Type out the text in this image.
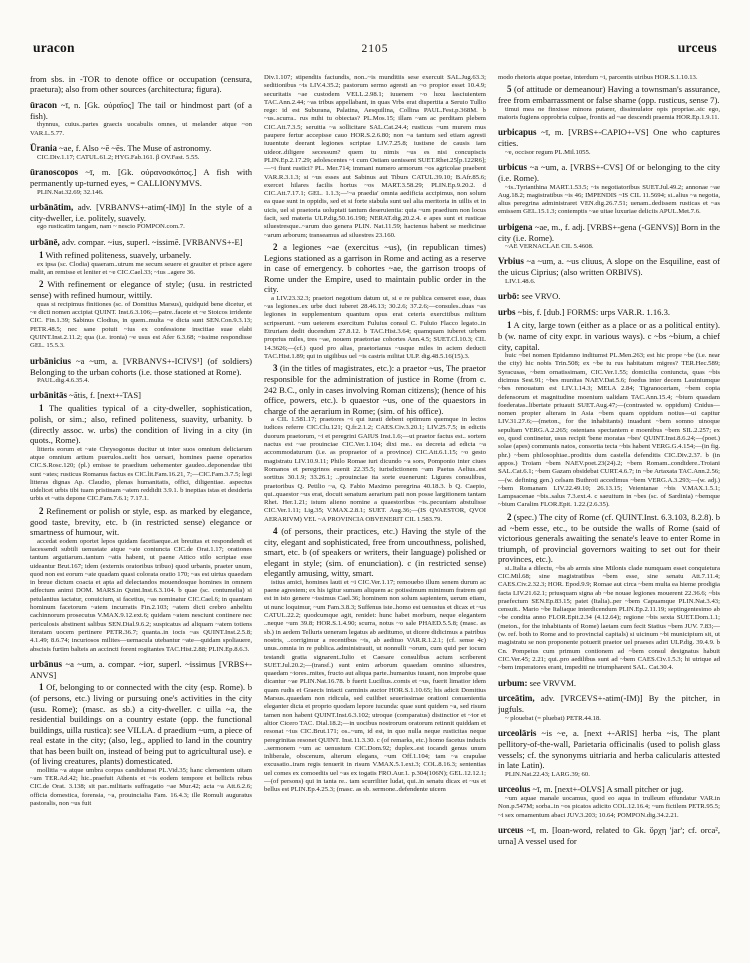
uracon	2105	urceus

from sbs. in -TOR to denote office or occupation (censura, praetura); also from other sources (architectura; figura).

ūracon ~ī, n. [Gk. ούραῖος] The tail or hindmost part (of a fish).

thynnus, cuius..partes graecis uocabulis omnes, ut melander atque ~on VAR.L.5.77.

Ūrania ~ae, f. Also ~ē ~ēs. The Muse of astronomy.

CIC.Div.1.17; CATUL.61.2; HYG.Fab.161. β OV.Fast. 5.55.

ūranoscopos ~ī, m. [Gk. ούρανοσκόπος.] A fish with permanently up-turned eyes, = CALLIONYMVS.

PLIN.Nat.32.69; 32.146.

urbānātim, adv. [VRBANVS+-atim(-IM)] In the style of a city-dweller, i.e. politely, suavely.

ego rusticatim tangam, nam ~ nescio POMPON.com.7.

urbānē, adv. compar. ~ius, superl. ~issimē. [VRBANVS+-E]

1 With refined politeness, suavely, urbanely.

ex ipsa (sc. Clodia) quaeram..utrum me secum seuere et grauiter et prisce agere malit, an remisse et leniter et ~e CIC.Cael.33; ~ius ..agere 36.

2 With refinement or elegance of style; (usu. in restricted sense) with refined humour, wittily.

quas si recipimus finitiones (sc. of Domitius Marsus), quidquid bene dicetur, et ~e dicti nomen accipiat QUINT. Inst.6.3.106;—patre..facete et ~e Stoicos irridente CIC. Fin.1.39; Sabinus Clodius, in quem..multa ~e dicta sunt SEN.Con.9.3.13; PETR.48.5; nec sane potuit ~ius ex confessione inscitiae suae elabi QUINT.Inst.2.11.2; qua (i.e. ironia) ~e usus est Afer 6.3.68; ~issime respondisse GEL. 15.5.3.

urbānicius ~a ~um, a. [VRBANVS+-ICIVS¹] (of soldiers) Belonging to the urban cohorts (i.e. those stationed at Rome).

PAUL.dig.4.6.35.4.

urbānitās ~ātis, f. [next+-TAS]

1 The qualities typical of a city-dweller, sophistication, polish, or sim.; also, refined politeness, suavity, urbanity. b (directly assoc. w. urbs) the condition of living in a city (in quots., Rome).

litteris eorum et ~ate Chrysogonus ducitur ut inter suos omnium deliciarum atque omnium artium puerulos..uelit hos uersari, homines paene operarios CIC.S.Rosc.120; (pl.) emisse te praedium uehementer gaudeo..deponendae tibi sunt ~ates; rusticus Romanus factus es CIC.lit.Fam.16.21, 7;—CIC.Fam.3.7.5; legi litteras dignas Ap. Claudio, plenas humanitatis, offici, diligentiae. aspectus uidelicet urbis tibi tuam pristinam ~atem reddidit 3.9.1. b ineptias istas et desideria urbis et ~atis depone CIC.Fam.7.6.1; 7.17.1.

2 Refinement or polish or style, esp. as marked by elegance, good taste, brevity, etc. b (in restricted sense) elegance or smartness of humour, wit.

accedat eodem oportet lepos quidam facetiaeque..et breuitas et respondendi et lacessendi subtili uenustate atque ~ate coniuncta CIC.de Orat.1.17; orationes tantum argutiarum..tantum ~atis habent, ut paene Attico stilo scriptae esse uideantur Brut.167; idem (externis oratoribus tribuo) quod urbanis, praeter unum, quod non est eorum ~ate quadam quasi colorata oratio 170; ~as est uirtus quaedam in breue dictum coacta et apta ad delectandos mouendosque homines in omnem adfectum animi DOM. MARS.in Quint.Inst.6.3.104. b quae (sc. contumelia) si petulantius iactatur, conuicium, si facetius, ~as nominatur CIC.Cael.6; in quantam hominum facetorum ~atem incurratis Fin.2.103; ~atem dicti crebro anhelitu cachinnorum prosecutus V.MAX.9.12.ext.6; quidam ~atem nesciunt continere nec periculosis abstinent salibus SEN.Dial.9.6.2; suspicatus ad aliquam ~atem totiens iteratam uocem pertinere PETR.36.7; quanta..in iocis ~as QUINT.Inst.2.5.8; 4.1.49; 8.6.74; incuriosos milites—uernacula utebantur ~ate—quidam spoliauere, abscisis furtim balteis an accincti forent rogitantes TAC.Hist.2.88; PLIN.Ep.8.6.3.

urbānus ~a ~um, a. compar. ~ior, superl. ~issimus [VRBS+-ANVS]

1 Of, belonging to or connected with the city (esp. Rome). b (of persons, etc.) living or pursuing one's activities in the city (usu. Rome); (masc. as sb.) a city-dweller. c uilla ~a, the residential buildings on a country estate (opp. the functional buildings, uilla rustica): see VILLA. d praedium ~um, a piece of real estate in the city; (also, leg., applied to land in the country that has been built on, instead of being put to agricultural use). e (of living creatures, plants) domesticated.

mollitia ~a atque umbra corpus candidumst PL.Vid.35; hanc clementem uitam ~am TER.Ad.42; hic..praefuit Athenis et ~is eodem tempore et bellicis rebus CIC.de Orat. 3.138; sit par..militaris suffragatio ~ae Mur.42; acta ~a Att.6.2.6; officia domestica, forensia, ~a, prouincialia Fam. 16.4.3; ille Romuli auguratus pastoralis, non ~us fuit

Div.1.107; stipendiis faciundis, non..~is munditiis sese exercuit SAL.Jug.63.3; seditionibus ~is LIV.4.35.2; pastorum sermo agresti an ~o propior esset 10.4.9; securitatis ~ae custodem VELL.2.98.1; iuuenem ~o luxu lasciuientem TAC.Ann.2.44; ~as tribus appellabant, in quas Vrbs erat dispertita a Seruio Tullio rege: id est Suburana, Palatina, Aesquilina, Collina PAUL.Fest.p.368M. b ~us..scurra.. rus mihi tu obiectas? PL.Mos.15; illam ~am ac perditam plebem CIC.Att.7.3.5; seruitia ~a sollicitare SAL.Cat.24.4; rusticus ~um murem mus paupere fertur accepisse cauo HOR.S.2.6.80; non ~a tantum sed etiam agresti iuuentute deerant legiones scriptae LIV.7.25.8; iustisne de causis iam uideor..diligere secessum? quem tu nimis ~us es nisi concupiscis PLIN.Ep.2.17.29; adolescentes ~i cum Ostiam uenissent SUET.Rhet.25[p.122R6];—~i fiunt rustici? PL. Mer.714; immani numero armorum ~os agricolae praebent VAR.R.3.1.3; si ~us esses aut Sabinus aut Tiburs CATUL.39.10; B.Afr.85.6; exercet hilares facilis hortus ~os MART.3.58.29; PLIN.Ep.9.20.2. d CIC.Att.7.17.1; GEL. 1.1.3;—'~a praedia' omnia aedificia accipimus, non solum ea quae sunt in oppidis, sed et si forte stabula sunt uel alia meritoria in uillis et in uicis, uel si praetoria uoluptati tantum deseruientia: quia ~um praedium non locus facit, sed materia ULP.dig.50.16.198; NERAT.dig.20.2.4. e apes sunt et rusticae siluestresque..~arum duo genera PLIN. Nat.11.59; hactenus habent se medicinae ~arum arborum; transeamus ad siluestres 23.160.

2 a legiones ~ae (exercitus ~us), (in republican times) Legions stationed as a garrison in Rome and acting as a reserve in case of emergency. b cohortes ~ae, the garrison troops of Rome under the Empire, used to maintain public order in the city.

a LIV.23.32.3; praetori negotium datum ut, si e re publica censeret esse, duas ~as legiones..ex urbe duci iuberet 28.46.13; 30.2.6; 37.2.6;—consules..duas ~as legiones in supplementum quantum opus erat ceteris exercitibus militum scripserunt. ~um ueterem exercitum Fuluius consul C. Fuluio Flacco legato..in Etruriam dedit ducendum 27.8.12. b TAC.Hist.3.64; quamquam iuberet urbem proprius miles, tres ~ae, nouem praetoriae cohortes Ann.4.5; SUET.Cl.10.3; CIL 14.3626;—(cf.) quod pro alias, praetorianus ~usque miles in aciem deducti TAC.Hist.1.89; qui in uigilibus uel ~is castris militat ULP. dig.48.5.16(15).3.

3 (in the titles of magistrates, etc.): a praetor ~us, The praetor responsible for the administration of justice in Rome (from c. 242 B.C., only in cases involving Roman citizens); (hence of his office, powers, etc.). b quaestor ~us, one of the quaestors in charge of the aerarium in Rome; (sim. of his office).

a CIL 1.581.17; praetores ~i qui iurati debent optimum quemque in lectos iudices referre CIC.Clu.121; Q.fr.2.1.2; CAES.Civ.3.20.1; LIV.25.7.5; in edictis duorum praetorum, ~i et peregrini GAIUS Inst.1.6;—ut praetor factus est.. sortem nactus est ~ae prouinciae CIC.Ver.1.104; dixi me.. ea decreta ad edicta ~a accommodaturum (i.e. as propraetor of a province) CIC.Att.6.1.15; ~o gesto magistratu LIV.10.9.11; Philo Romae iuri dicundo ~a sors, Pomponio inter ciues Romanos et peregrinos euenit 22.35.5; iurisdictionem ~am Paetus Aelius..est sortitus 30.1.9; 33.26.1; ..prouinciae ita sorte euenerunt: Ligures consulibus, praetoribus Q. Petilio ~a, Q. Fabio Maximo peregrina 40.18.3. b Q. Caepio, qui..quaestor ~us erat, docuit senatum aerarium pati non posse largitionem tantam Rhet. Her.1.21; istum alieno nomine a quaestoribus ~is..pecuniam abstulisse CIC.Ver.1.11; Lig.35; V.MAX.2.8.1; SUET. Aug.36;—(IS QVAESTOR, QVOI AERARIVM) VEL ~A PROVINCIA OBVENERIT CIL 1.583.79.

4 (of persons, their practices, etc.) Having the style of the city, elegant and sophisticated, free from uncouthness, polished, smart, etc. b (of speakers or writers, their language) polished or elegant in style; (sim. of enunciation). c (in restricted sense) elegantly amusing, witty, smart.

istius amici, homines lauti et ~i CIC.Ver.1.17; remouebo illum senem durum ac paene agrestem; ex his igitur sumam aliquem ac potissimum minimum fratrem qui est in isto genere ~issimus Cael.36; hominem non solum sapientem, uerum etiam, ut nunc loquimur, ~um Fam.3.8.3; Suffenus iste..homo est uenustus et dicax et ~us CATUL.22.2; quodcumque agit, renidet: hunc habet morbum, neque elegantem ..neque ~um 39.8; HOR.S.1.4.90; scurra, notus ~o sale PHAED.5.5.8; (masc. as sb.) in aedem Telluris ueneram legatus ab aeditumo, ut dicere didicimus a patribus nostris, ..corrigimur a recentibus ~is, ab aedituo VAR.R.1.2.1; (cf. sense 4c) unus..omnia in re publica..administrauit, ut nonnulli ~orum, cum quid per iocum testandi gratia signarent..Iulio et Caesare consulibus actum scriberent SUET.Jul.20.2;—(transf.) sunt enim arborum quaedam omnino siluestres, quaedam ~iores..mites, fructo aut aliqua parte..humanius iuuant, non improbe quae dicantur ~ae PLIN.Nat.16.78. b fuerit Lucilius..comis et ~us, fuerit limatior idem quam rudis et Graecis intacti carminis auctor HOR.S.1.10.65; his adicit Domitius Marsus..quaedam non ridicula, sed cuilibet seuerissimae orationi conuenientia eleganter dicta et proprio quodam lepore iucunda: quae sunt quidem ~a, sed risum tamen non habent QUINT.Inst.6.3.102; utroque (comparatus) distinctior et ~ior et altior Cicero TAC. Dial.18.2;—in uocibus nostrorum oratorum retinnit quiddam et resonat ~ius CIC.Brut.171; os..~um, id est, in quo nulla neque rusticitas neque peregrinitas resonet QUINT. Inst.11.3.30. c (of remarks, etc.) homo facetus inducis ..sermonem ~um ac uenustum CIC.Dom.92; duplex..est iocandi genus unum inliberale, obscenum, alterum elegans, ~um Off.1.104; tam ~a crapulae excusatio..iram regis tenuerit in risum V.MAX.5.1.ext.3; COL.8.16.3; sententias uel comes ex comoediis uel ~as ex togatis FRO.Aur.1. p.304(106N); GEL.12.12.1;—(of persons) qui in tanta re.. tam scurriliter ludat, qui..in senatu dicax et ~us et bellus est PLIN.Ep.4.25.3; (masc. as sb. sermone..defendente uicem

modo rhetoris atque poetae, interdum ~i, parcentis uiribus HOR.S.1.10.13.

5 (of attitude or demeanour) Having a townsman's assurance, free from embarrassment or false shame (opp. rusticus, sense 7).

timui mea ne finxisse minora putarer, dissimulator opis propriae..sic ego, maioris fugiens opprobria culpae, frontis ad ~ae descendi praemia HOR.Ep.1.9.11.

urbicapus ~ī, m. [VRBS+-CAPIO+-VS] One who captures cities.

~e, occisor regum PL.Mil.1055.

urbicus ~a ~um, a. [VRBS+-CVS] Of or belonging to the city (i.e. Rome).

~is..Tyrianthina MART.1.53.5; ~is negotiatoribus SUET.Jul.49.2; annonae ~ae Aug.18.2; magistratibus ~is 46; IMPENDIS ~IS CIL 11.5694; si..alius ~a negotia, alius peregrina administraret VEN.dig.26.7.51; uenam..dedissem rusticas et ~as emissem GEL.15.1.3; contemptis ~ae uitae luxuriae deliciis APUL.Met.7.6.

urbigena ~ae, m., f. adj. [VRBS+-gena (-GENVS)] Born in the city (i.e. Rome).

~AE VERNACLAE CIL 5.4608.

Vrbius ~a ~um, a. ~us cliuus, A slope on the Esquiline, east of the uicus Ciprius; (also written ORBIVS).

LIV.1.48.6.

urbō: see VRVO.

urbs ~bis, f. [dub.] FORMS: urps VAR.R. 1.16.3.

1 A city, large town (either as a place or as a political entity). b (w. name of city expr. in various ways). c ~bs ~bium, a chief city, capital.

huic ~bei nomen Epidamno inditumst PL.Men.263; est hic prope ~be (i.e. near the city) hic nobis Trin.508; ex ~be tu rus habitatum migres? TER.Hec.589; Syracusas, ~bem ornatissimam, CIC.Ver.1.55; domicilia coniuncta, quas ~bis dicimus Sest.91; ~bes munitas NAEV.Dat.5.6; foedus inter decem Lauiniumque ~bes renouatum est LIV.1.14.3; MELA 2.84; Tigranocertam, ~bem copia defensorum et magnitudine moenium ualidam TAC.Ann.15.4; ~bium quasdam foederatas..libertate priuauit SUET.Aug.47;—(contrasted w. oppidum) Cnidus—nomen propter alteram in Asia ~bem quam oppidum notius—ui capitur LIV.31.27.6;—(meton., for the inhabitants) inuadunt ~bem somno uinoque sepultam VERG.A.2.265; ostentans spectantem e moenibus ~bem SIL.2.257; ex eo, quod continetur, usus recipit 'bene moratas ~bes' QUINT.Inst.8.6.24;—(poet.) solae (apes) communis natos, consortia tecta ~bis habent VERG.G.4.154;—(in fig. phr.) ~bem philosophiae..proditis dum castella defenditis CIC.Div.2.37. b (in appos.) Troiam ~bem NAEV.poet.23(24).2; ~bem Romam..condidere..Troiani SAL.Cat.6.1; ~bem Gazam obsidebat CURT.4.6.7; in ~be Artaxata TAC.Ann.2.56;—(w. defining gen.) celsam Buthroti accedimus ~bem VERG.A.3.293;—(w. adj.) ~bem Romanam LIV.22.49.10; 26.13.15; Veientanae ~bis V.MAX.1.5.1; Lampsacenae ~bis..salus 7.3.ext.4. c saeuitum in ~bes (sc. of Sardinia) ~bemque ~bium Caralim FLOR.Epit. 1.22.(2.6.35).

2 (spec.) The city of Rome (cf. QUINT.Inst. 6.3.103, 8.2.8). b ad ~bem esse, etc., to be outside the walls of Rome (said of victorious generals awaiting the senate's leave to enter Rome in triumph, of provincial governors waiting to set out for their provinces, etc.).

si..Italia a dilectu, ~bs ab armis sine Milonis clade numquam esset conquietura CIC.Mil.68; sine magistratibus ~bem esse, sine senatu Att.7.11.4; CAES.Civ.2.32.3; HOR. Epod.9.9; Romae aut circa ~bem multa ea hieme prodigia facta LIV.21.62.1; priusquam signa ab ~be nouae legiones mouerent 22.36.6; ~bis praefectum SEN.Ep.83.15; patet (Italia)..per ~bem Capuamque PLIN.Nat.3.43; censuit.. Mario ~be Italiaque interdicendum PLIN.Ep.2.11.19; septingentesimo ab ~be condita anno FLOR.Epit.2.34 (4.12.64); regione ~bis sexta SUET.Dom.1.1; (meton., for the inhabitants of Rome) laetam cum fecit Statius ~bem JUV. 7.83;—(w. ref. both to Rome and to provincial capitals) si uicinum ~bi municipium sit, ut magistratu se non proponente potuerit praetor uel praeses adiri ULP.dig. 39.4.9. b Cn. Pompeius cum primum contionem ad ~bem consul designatus habuit CIC.Ver.45; 2.21; qui..pro aedilibus sunt ad ~bem CAES.Civ.1.5.3; hi utrique ad ~bem imperatores erant, impediti ne triumpharent SAL. Cat.30.4.

urbum: see VRVVM.

urceātim, adv. [VRCEVS+-atim(-IM)] By the pitcher, in jugfuls.

~ plouebat (= pluebat) PETR.44.18.

urceolāris ~is ~e, a. [next +-ARIS] herba ~is, The plant pellitory-of-the-wall, Parietaria officinalis (used to polish glass vessels; cf. the synonyms uitriaria and herba calicularis attested in late Latin).

PLIN.Nat.22.43; LARG.39; 60.

urceolus ~ī, m. [next+-OLVS] A small pitcher or jug.

~um aquae manale uocamus, quod eo aqua in trulleum effundatur VAR.in Non.p.547M; sorba..in ~os picatos adicito COL.12.16.4; ~um fictilem PETR.95.5; ~i sex ornamentum abaci JUV.3.203; 10.64; POMPON.dig.34.2.21.

urceus ~ī, m. [loan-word, related to Gk. ὕρχη 'jar'; cf. orca², urna] A vessel used for
